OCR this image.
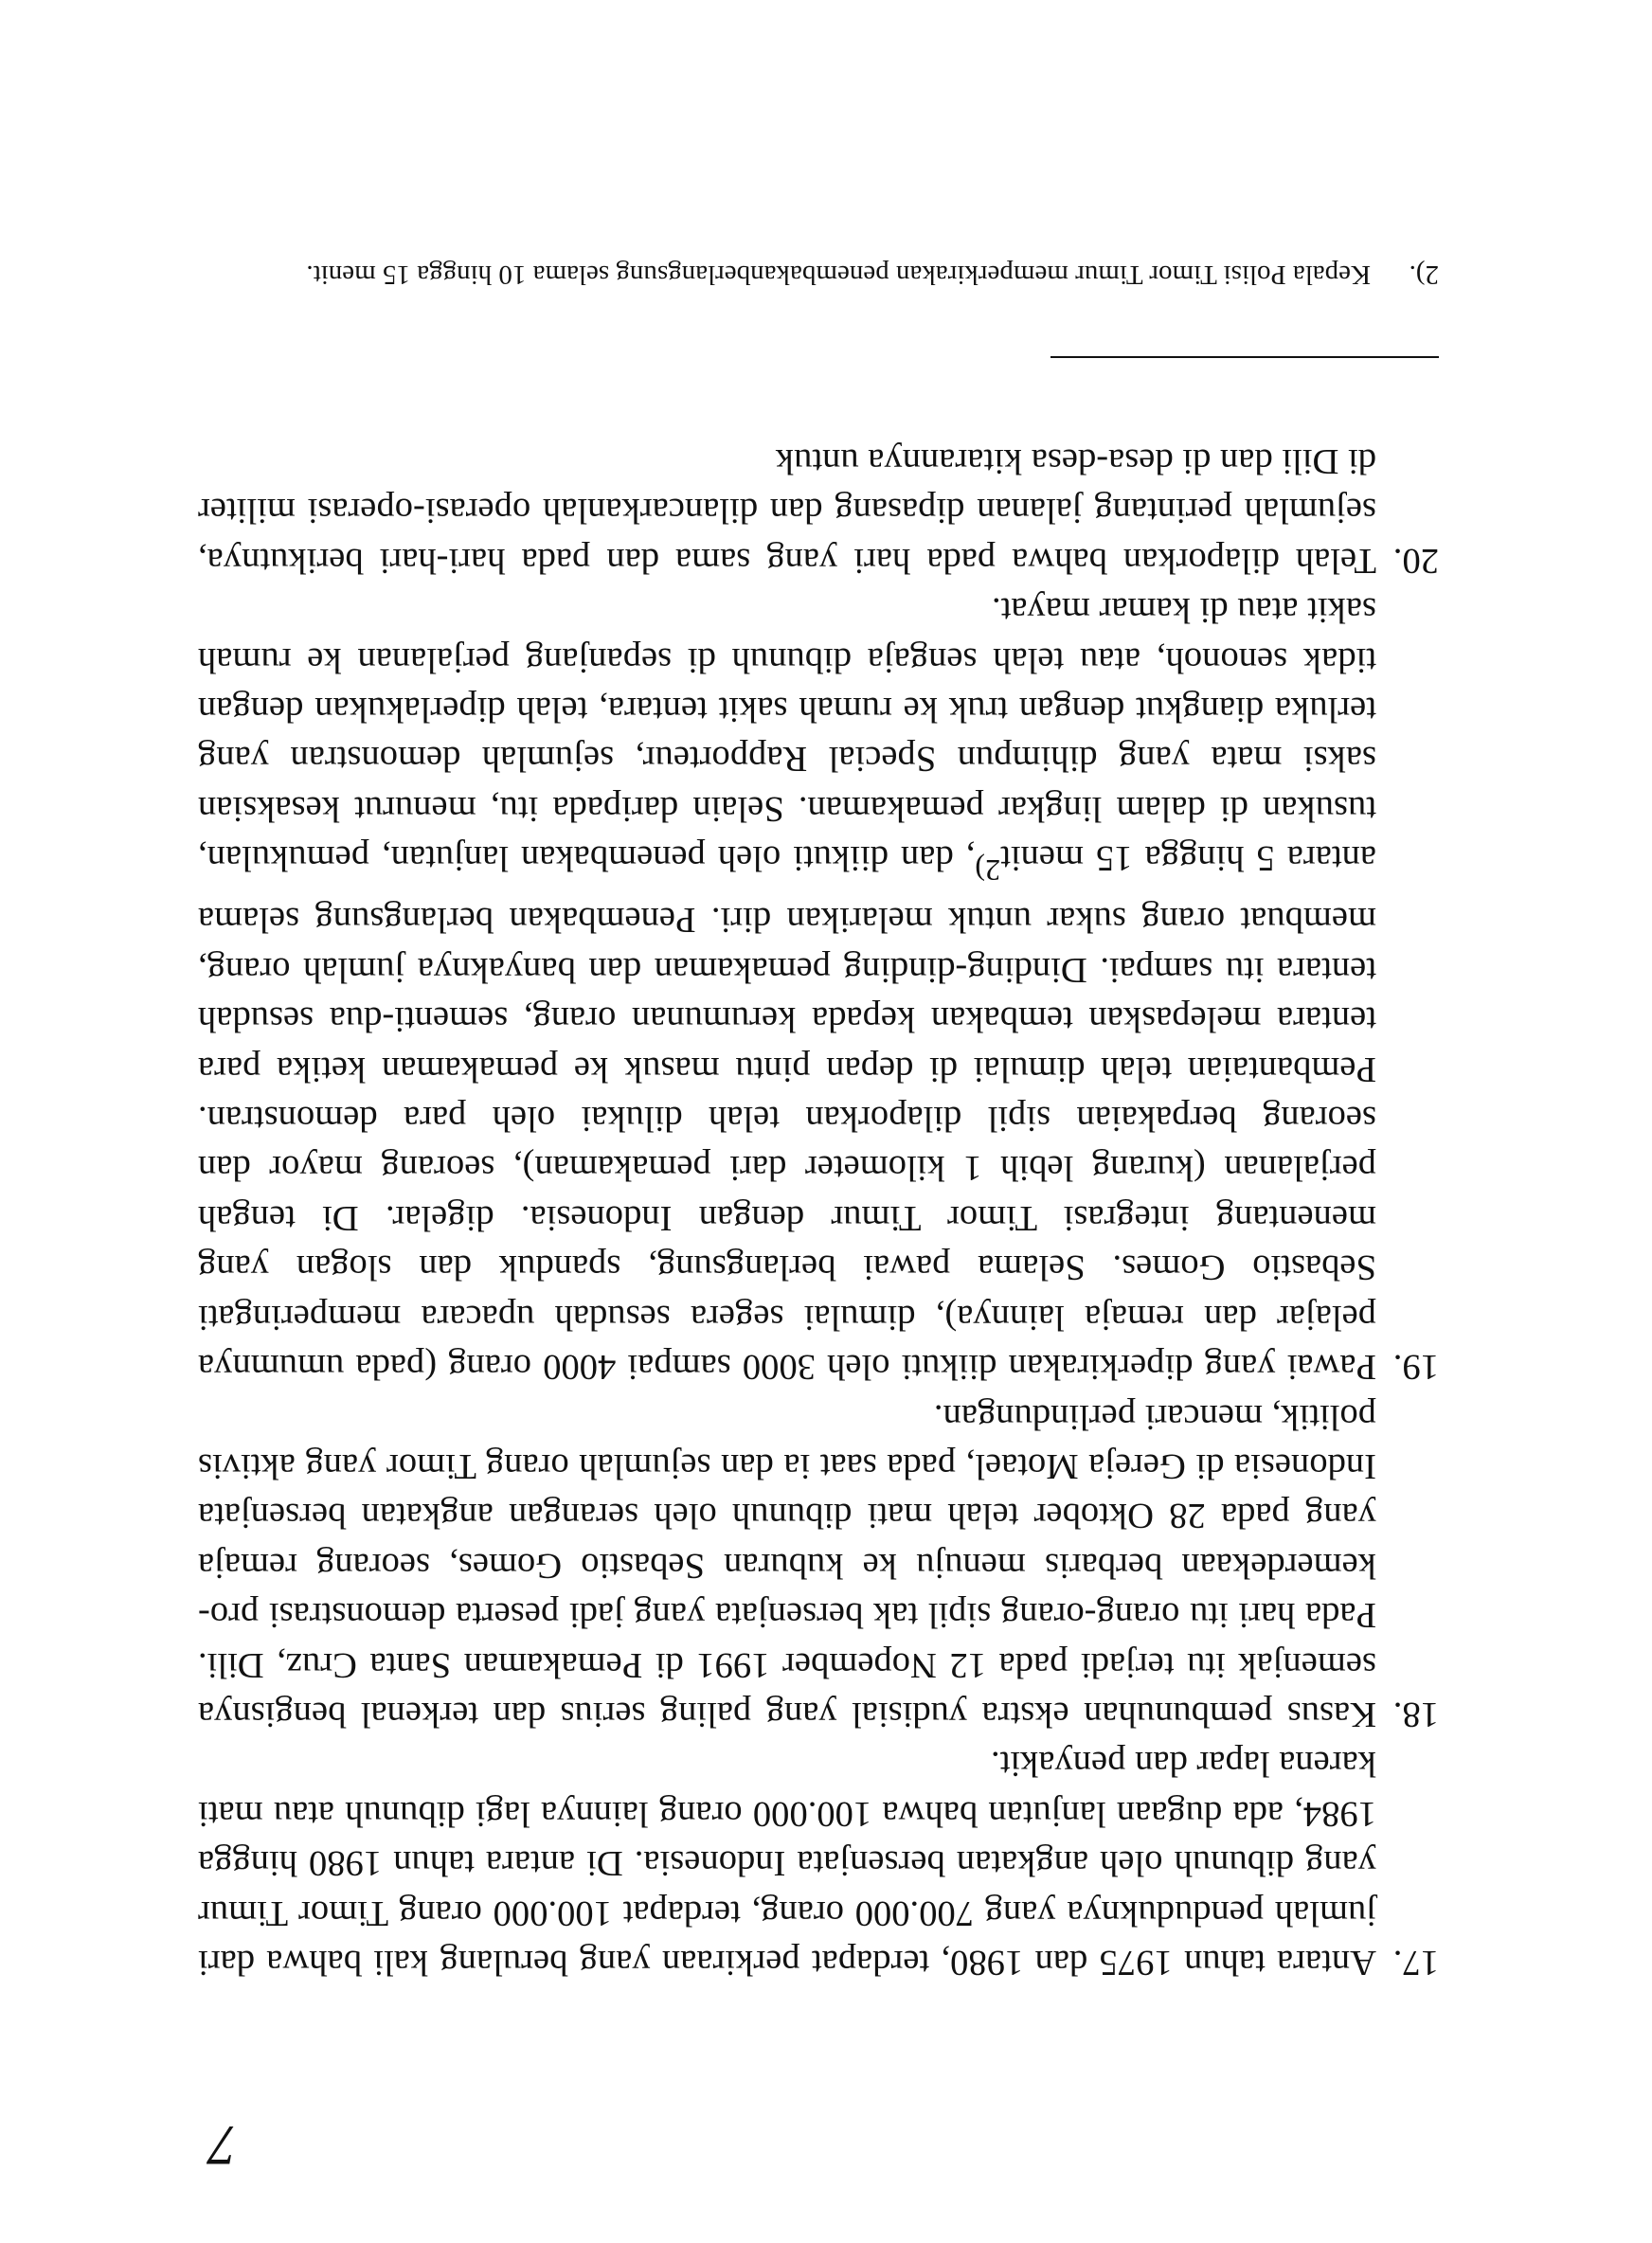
7

17.

Antara tahun 1975 dan 1980, terdapat perkiraan yang berulang kali bahwa dari jumlah penduduknya yang 700.000 orang, terdapat 100.000 orang Timor Timur yang dibunuh oleh angkatan bersenjata Indonesia. Di antara tahun 1980 hingga 1984, ada dugaan lanjutan bahwa 100.000 orang lainnya lagi dibunuh atau mati karena lapar dan penyakit.

18.

Kasus pembunuhan ekstra yudisial yang paling serius dan terkenal bengisnya semenjak itu terjadi pada 12 Nopember 1991 di Pemakaman Santa Cruz, Dili. Pada hari itu orang-orang sipil tak bersenjata yang jadi peserta demonstrasi pro-kemerdekaan berbaris menuju ke kuburan Sebastio Gomes, seorang remaja yang pada 28 Oktober telah mati dibunuh oleh serangan angkatan bersenjata Indonesia di Gereja Motael, pada saat ia dan sejumlah orang Timor yang aktivis politik, mencari perlindungan.

19.

Pawai yang diperkirakan diikuti oleh 3000 sampai 4000 orang (pada umumnya pelajar dan remaja lainnya), dimulai segera sesudah upacara memperingati Sebastio Gomes. Selama pawai berlangsung, spanduk dan slogan yang menentang integrasi Timor Timur dengan Indonesia. digelar. Di tengah perjalanan (kurang lebih 1 kilometer dari pemakaman), seorang mayor dan seorang berpakaian sipil dilaporkan telah dilukai oleh para demonstran. Pembantaian telah dimulai di depan pintu masuk ke pemakaman ketika para tentara melepaskan tembakan kepada kerumunan orang, sementi-dua sesudah tentara itu sampai. Dinding-dinding pemakaman dan banyaknya jumlah orang, membuat orang sukar untuk melarikan diri. Penembakan berlangsung selama antara 5 hingga 15 menit$^{2)}$, dan diikuti oleh penembakan lanjutan, pemukulan, tusukan di dalam lingkar pemakaman. Selain daripada itu, menurut kesaksian saksi mata yang dihimpun Special Rapporteur, sejumlah demonstran yang terluka diangkut dengan truk ke rumah sakit tentara, telah diperlakukan dengan tidak senonoh, atau telah sengaja dibunuh di sepanjang perjalanan ke rumah sakit atau di kamar mayat.

20.

Telah dilaporkan bahwa pada hari yang sama dan pada hari-hari berikutnya, sejumlah perintang jalanan dipasang dan dilancarkanlah operasi-operasi militer di Dili dan di desa-desa kitarannya untuk

2).
Kepala Polisi Timor Timur memperkirakan penembakanberlangsung selama 10 hingga 15 menit.
